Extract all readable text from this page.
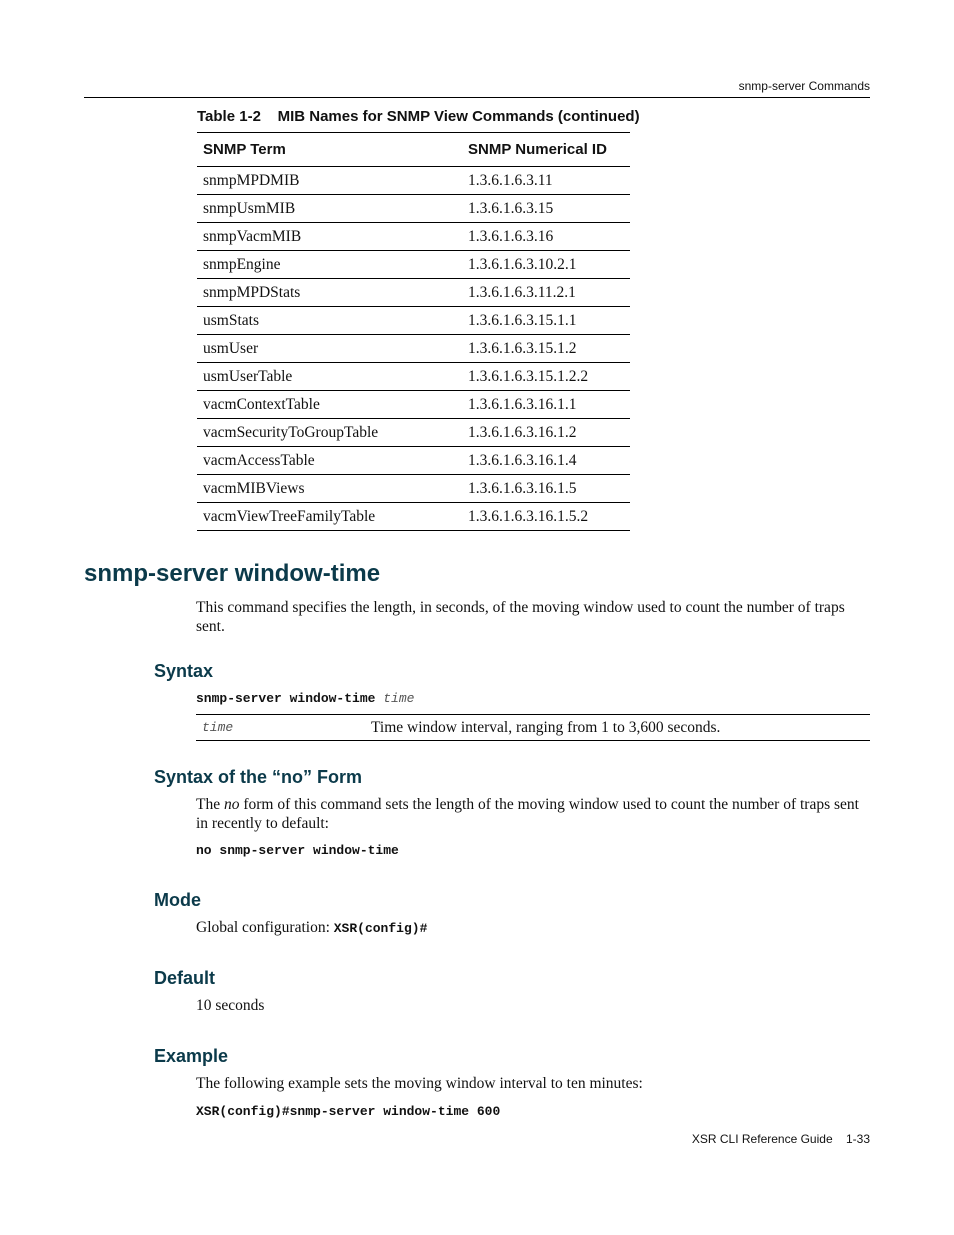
snmp-server Commands
Table 1-2    MIB Names for SNMP View Commands (continued)
SNMP Term	SNMP Numerical ID
snmpMPDMIB	1.3.6.1.6.3.11
snmpUsmMIB	1.3.6.1.6.3.15
snmpVacmMIB	1.3.6.1.6.3.16
snmpEngine	1.3.6.1.6.3.10.2.1
snmpMPDStats	1.3.6.1.6.3.11.2.1
usmStats	1.3.6.1.6.3.15.1.1
usmUser	1.3.6.1.6.3.15.1.2
usmUserTable	1.3.6.1.6.3.15.1.2.2
vacmContextTable	1.3.6.1.6.3.16.1.1
vacmSecurityToGroupTable	1.3.6.1.6.3.16.1.2
vacmAccessTable	1.3.6.1.6.3.16.1.4
vacmMIBViews	1.3.6.1.6.3.16.1.5
vacmViewTreeFamilyTable	1.3.6.1.6.3.16.1.5.2
snmp-server window-time
This command specifies the length, in seconds, of the moving window used to count the number of traps sent.
Syntax
snmp-server window-time time
time	Time window interval, ranging from 1 to 3,600 seconds.
Syntax of the “no” Form
The no form of this command sets the length of the moving window used to count the number of traps sent in recently to default:
no snmp-server window-time
Mode
Global configuration: XSR(config)#
Default
10 seconds
Example
The following example sets the moving window interval to ten minutes:
XSR(config)#snmp-server window-time 600
XSR CLI Reference Guide 1-33
